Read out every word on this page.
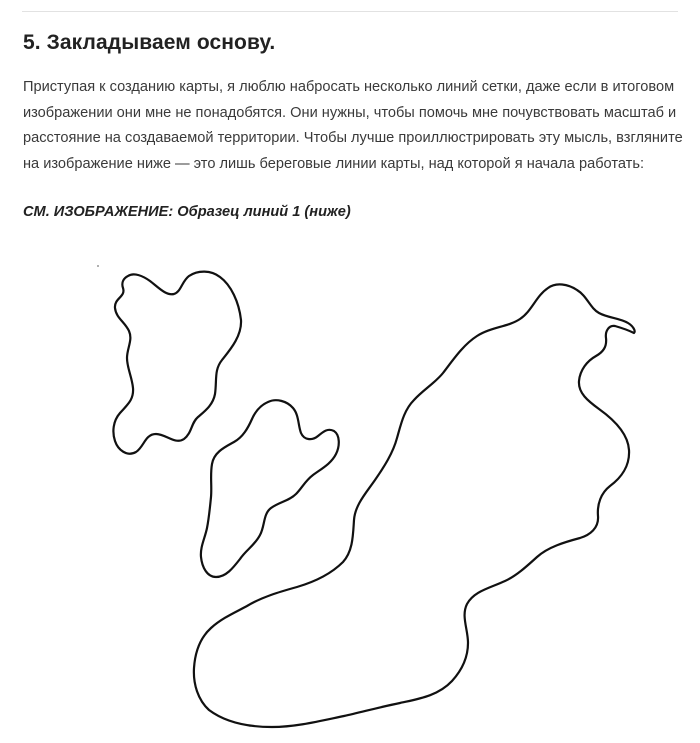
5. Закладываем основу.

Приступая к созданию карты, я люблю набросать несколько линий сетки, даже если в итоговом изображении они мне не понадобятся. Они нужны, чтобы помочь мне почувствовать масштаб и расстояние на создаваемой территории. Чтобы лучше проиллюстрировать эту мысль, взгляните на изображение ниже — это лишь береговые линии карты, над которой я начала работать:

СМ. ИЗОБРАЖЕНИЕ: Образец линий 1 (ниже)
